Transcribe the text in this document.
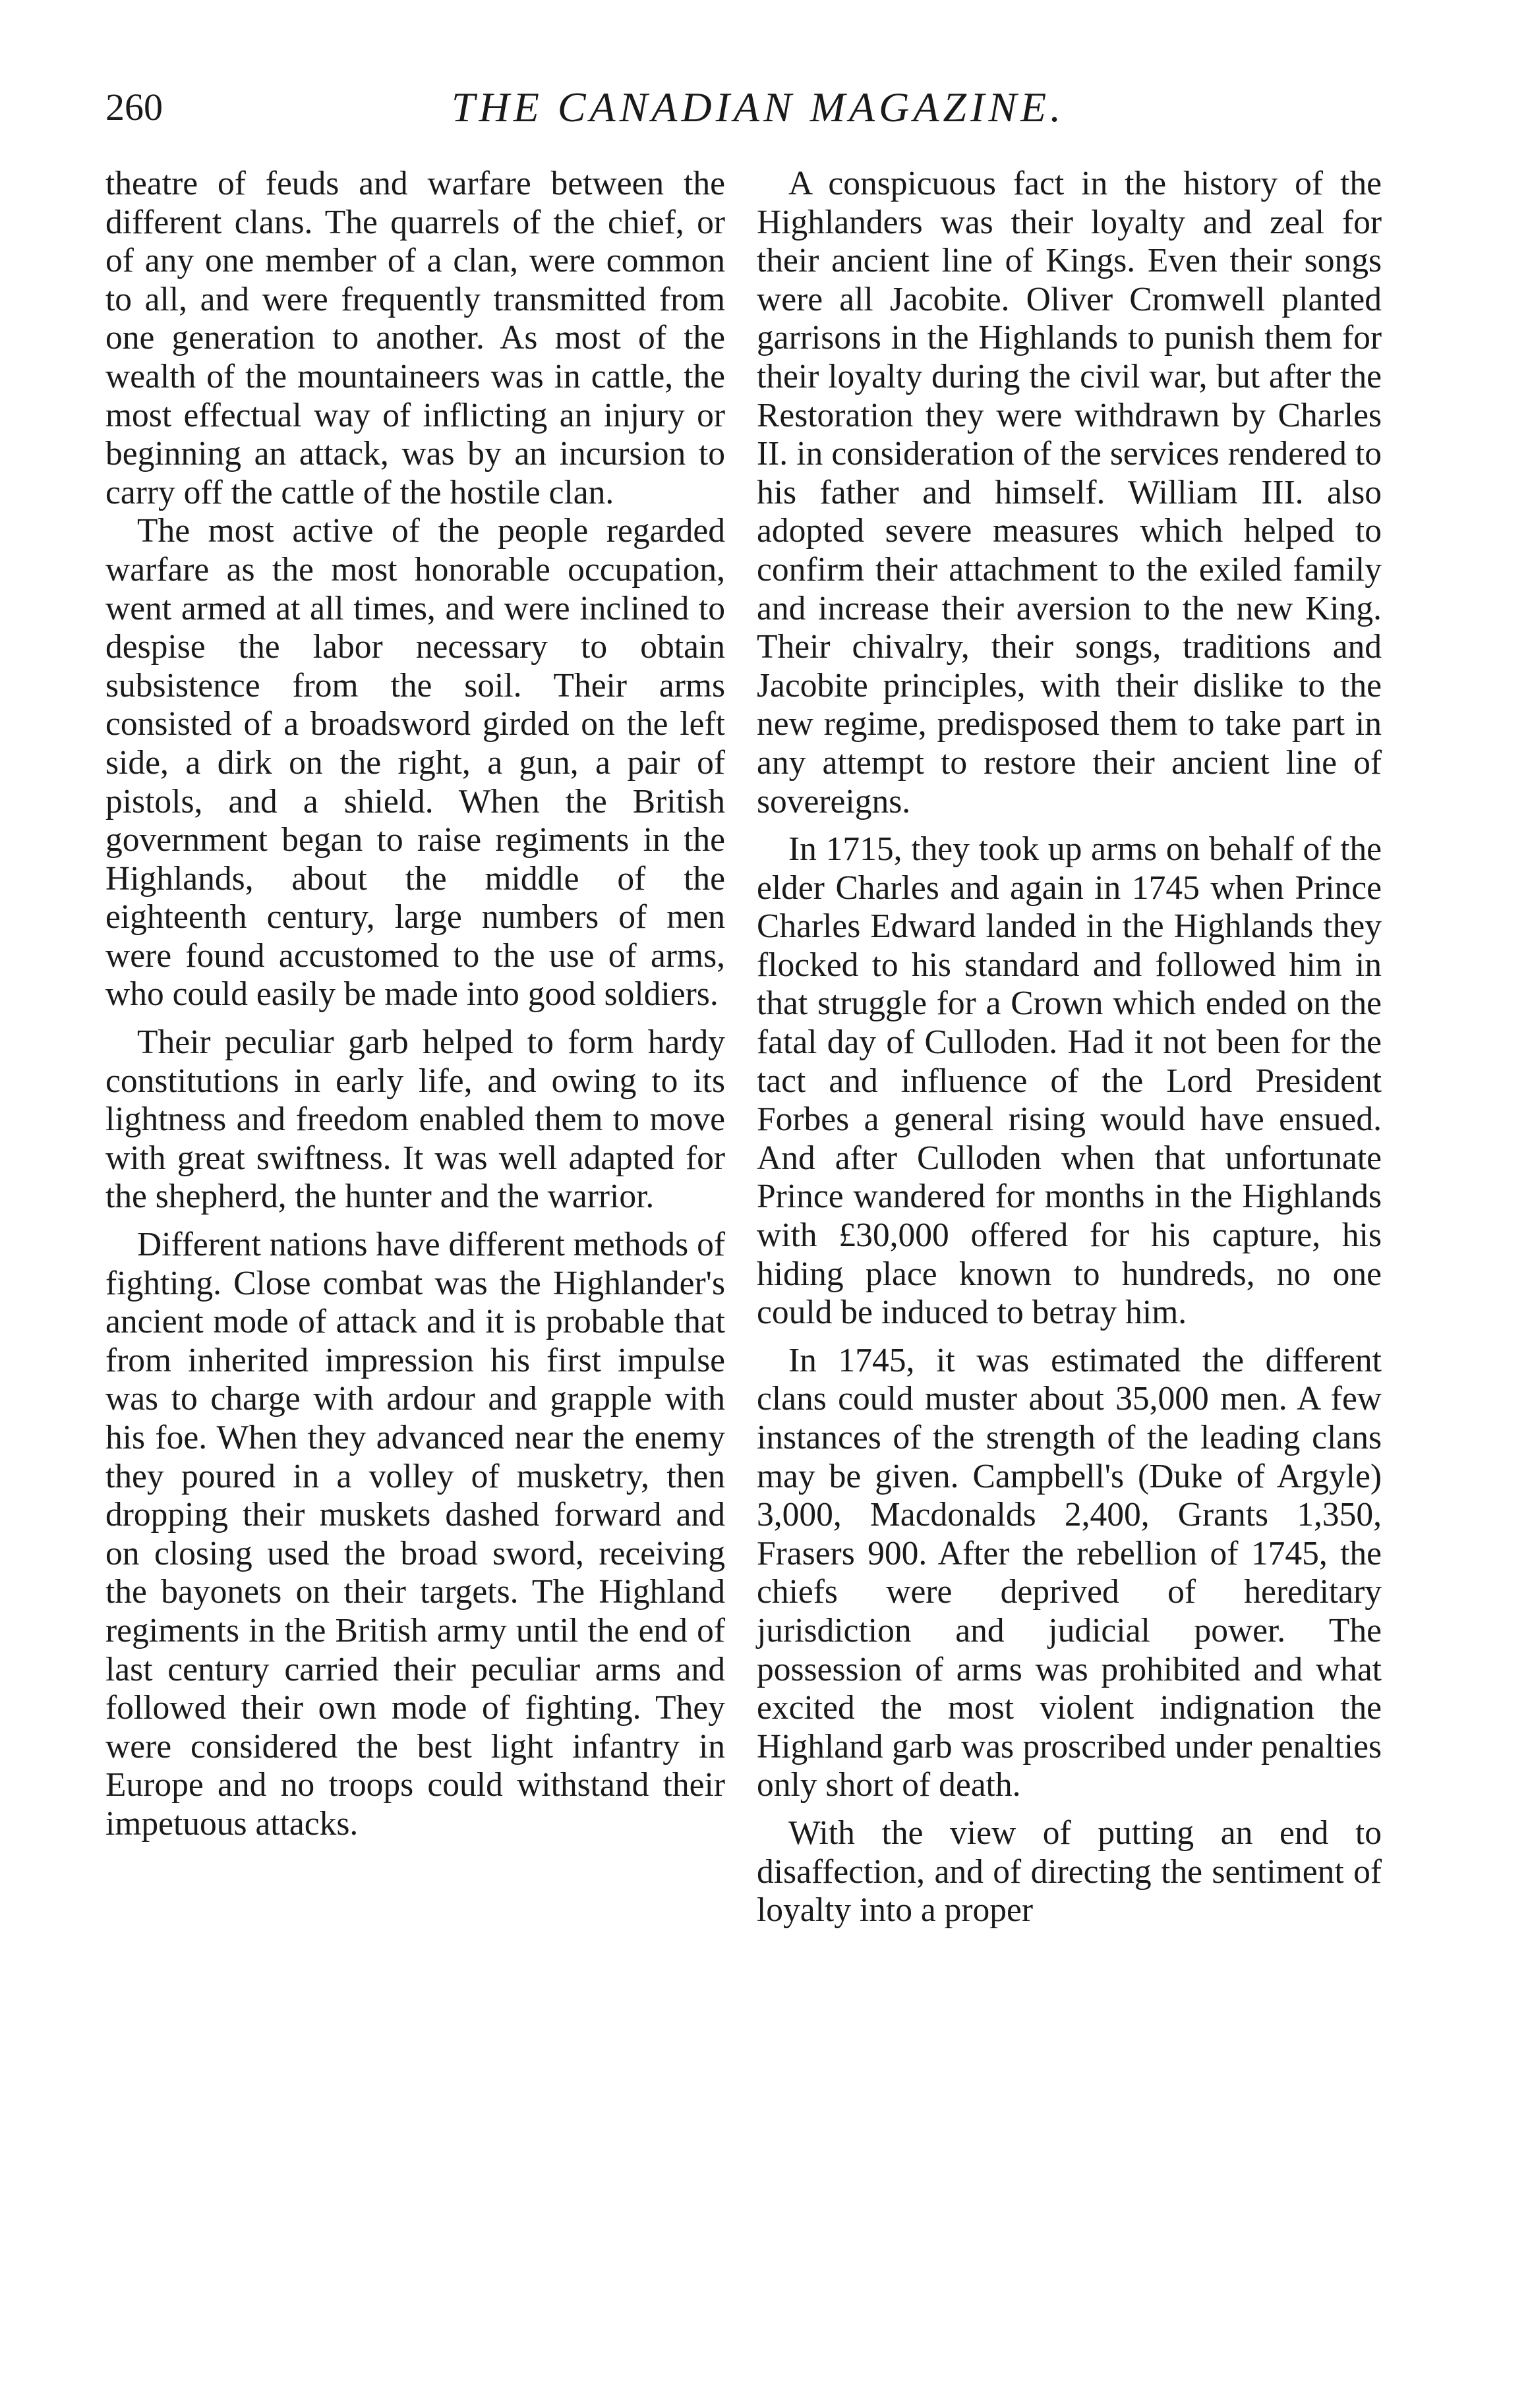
260	THE CANADIAN MAGAZINE.

theatre of feuds and warfare between the different clans. The quarrels of the chief, or of any one member of a clan, were common to all, and were frequently transmitted from one generation to another. As most of the wealth of the mountaineers was in cattle, the most effectual way of inflicting an injury or beginning an attack, was by an incursion to carry off the cattle of the hostile clan.

The most active of the people regarded warfare as the most honorable occupation, went armed at all times, and were inclined to despise the labor necessary to obtain subsistence from the soil. Their arms consisted of a broadsword girded on the left side, a dirk on the right, a gun, a pair of pistols, and a shield. When the British government began to raise regiments in the Highlands, about the middle of the eighteenth century, large numbers of men were found accustomed to the use of arms, who could easily be made into good soldiers.

Their peculiar garb helped to form hardy constitutions in early life, and owing to its lightness and freedom enabled them to move with great swiftness. It was well adapted for the shepherd, the hunter and the warrior.

Different nations have different methods of fighting. Close combat was the Highlander's ancient mode of attack and it is probable that from inherited impression his first impulse was to charge with ardour and grapple with his foe. When they advanced near the enemy they poured in a volley of musketry, then dropping their muskets dashed forward and on closing used the broad sword, receiving the bayonets on their targets. The Highland regiments in the British army until the end of last century carried their peculiar arms and followed their own mode of fighting. They were considered the best light infantry in Europe and no troops could withstand their impetuous attacks.

A conspicuous fact in the history of the Highlanders was their loyalty and zeal for their ancient line of Kings. Even their songs were all Jacobite. Oliver Cromwell planted garrisons in the Highlands to punish them for their loyalty during the civil war, but after the Restoration they were withdrawn by Charles II. in consideration of the services rendered to his father and himself. William III. also adopted severe measures which helped to confirm their attachment to the exiled family and increase their aversion to the new King. Their chivalry, their songs, traditions and Jacobite principles, with their dislike to the new regime, predisposed them to take part in any attempt to restore their ancient line of sovereigns.

In 1715, they took up arms on behalf of the elder Charles and again in 1745 when Prince Charles Edward landed in the Highlands they flocked to his standard and followed him in that struggle for a Crown which ended on the fatal day of Culloden. Had it not been for the tact and influence of the Lord President Forbes a general rising would have ensued. And after Culloden when that unfortunate Prince wandered for months in the Highlands with £30,000 offered for his capture, his hiding place known to hundreds, no one could be induced to betray him.

In 1745, it was estimated the different clans could muster about 35,000 men. A few instances of the strength of the leading clans may be given. Campbell's (Duke of Argyle) 3,000, Macdonalds 2,400, Grants 1,350, Frasers 900. After the rebellion of 1745, the chiefs were deprived of hereditary jurisdiction and judicial power. The possession of arms was prohibited and what excited the most violent indignation the Highland garb was proscribed under penalties only short of death.

With the view of putting an end to disaffection, and of directing the sentiment of loyalty into a proper
